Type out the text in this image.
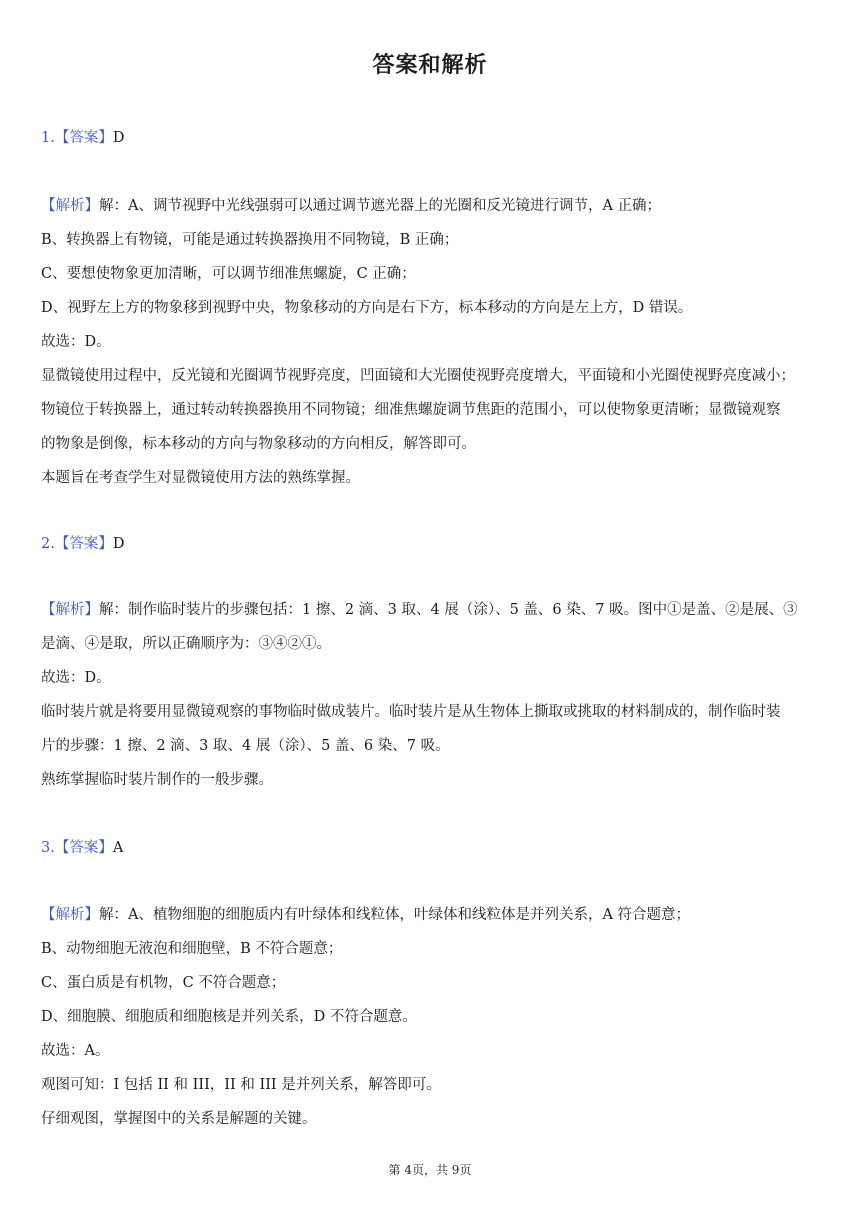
答案和解析
1.【答案】D
【解析】解：A、调节视野中光线强弱可以通过调节遮光器上的光圈和反光镜进行调节，A 正确；
B、转换器上有物镜，可能是通过转换器换用不同物镜，B 正确；
C、要想使物象更加清晰，可以调节细准焦螺旋，C 正确；
D、视野左上方的物象移到视野中央，物象移动的方向是右下方，标本移动的方向是左上方，D 错误。
故选：D。
显微镜使用过程中，反光镜和光圈调节视野亮度，凹面镜和大光圈使视野亮度增大，平面镜和小光圈使视野亮度减小；
物镜位于转换器上，通过转动转换器换用不同物镜；细准焦螺旋调节焦距的范围小，可以使物象更清晰；显微镜观察
的物象是倒像，标本移动的方向与物象移动的方向相反，解答即可。
本题旨在考查学生对显微镜使用方法的熟练掌握。
2.【答案】D
【解析】解：制作临时装片的步骤包括：1 擦、2 滴、3 取、4 展（涂）、5 盖、6 染、7 吸。图中①是盖、②是展、③
是滴、④是取，所以正确顺序为：③④②①。
故选：D。
临时装片就是将要用显微镜观察的事物临时做成装片。临时装片是从生物体上撕取或挑取的材料制成的，制作临时装
片的步骤：1 擦、2 滴、3 取、4 展（涂）、5 盖、6 染、7 吸。
熟练掌握临时装片制作的一般步骤。
3.【答案】A
【解析】解：A、植物细胞的细胞质内有叶绿体和线粒体，叶绿体和线粒体是并列关系，A 符合题意；
B、动物细胞无液泡和细胞壁，B 不符合题意；
C、蛋白质是有机物，C 不符合题意；
D、细胞膜、细胞质和细胞核是并列关系，D 不符合题意。
故选：A。
观图可知：I 包括 II 和 III，II 和 III 是并列关系，解答即可。
仔细观图，掌握图中的关系是解题的关键。
第 4页，共 9页
